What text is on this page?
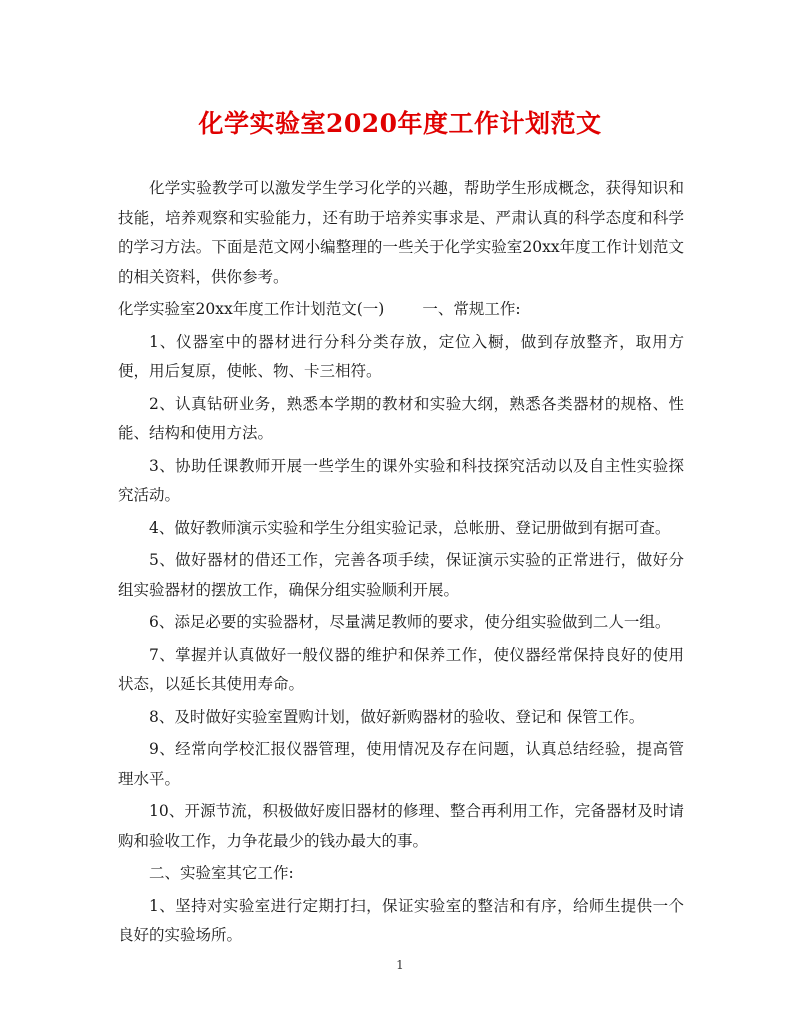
化学实验室2020年度工作计划范文

化学实验教学可以激发学生学习化学的兴趣，帮助学生形成概念，获得知识和技能，培养观察和实验能力，还有助于培养实事求是、严肃认真的科学态度和科学的学习方法。下面是范文网小编整理的一些关于化学实验室20xx年度工作计划范文的相关资料，供你参考。

化学实验室20xx年度工作计划范文(一) 一、常规工作:

1、仪器室中的器材进行分科分类存放，定位入橱，做到存放整齐，取用方便，用后复原，使帐、物、卡三相符。

2、认真钻研业务，熟悉本学期的教材和实验大纲，熟悉各类器材的规格、性能、结构和使用方法。

3、协助任课教师开展一些学生的课外实验和科技探究活动以及自主性实验探究活动。

4、做好教师演示实验和学生分组实验记录，总帐册、登记册做到有据可查。

5、做好器材的借还工作，完善各项手续，保证演示实验的正常进行，做好分组实验器材的摆放工作，确保分组实验顺利开展。

6、添足必要的实验器材，尽量满足教师的要求，使分组实验做到二人一组。

7、掌握并认真做好一般仪器的维护和保养工作，使仪器经常保持良好的使用状态，以延长其使用寿命。

8、及时做好实验室置购计划，做好新购器材的验收、登记和 保管工作。

9、经常向学校汇报仪器管理，使用情况及存在问题，认真总结经验，提高管理水平。

10、开源节流，积极做好废旧器材的修理、整合再利用工作，完备器材及时请购和验收工作，力争花最少的钱办最大的事。

二、实验室其它工作:

1、坚持对实验室进行定期打扫，保证实验室的整洁和有序，给师生提供一个良好的实验场所。

1
